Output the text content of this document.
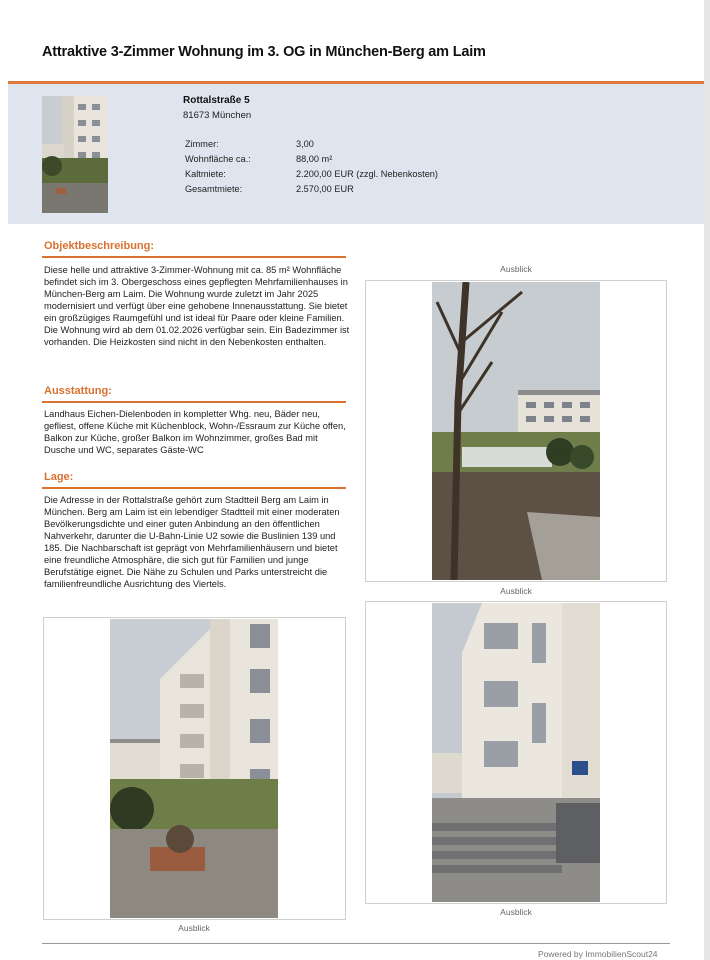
Attraktive 3-Zimmer Wohnung im 3. OG in München-Berg am Laim
Rottalstraße 5
81673 München
Zimmer:	3,00
Wohnfläche ca.:	88,00 m²
Kaltmiete:	2.200,00 EUR (zzgl. Nebenkosten)
Gesamtmiete:	2.570,00 EUR
Objektbeschreibung:
Diese helle und attraktive 3-Zimmer-Wohnung mit ca. 85 m² Wohnfläche befindet sich im 3. Obergeschoss eines gepflegten Mehrfamilienhauses in München-Berg am Laim. Die Wohnung wurde zuletzt im Jahr 2025 modernisiert und verfügt über eine gehobene Innenausstattung. Sie bietet ein großzügiges Raumgefühl und ist ideal für Paare oder kleine Familien. Die Wohnung wird ab dem 01.02.2026 verfügbar sein. Ein Badezimmer ist vorhanden. Die Heizkosten sind nicht in den Nebenkosten enthalten.
Ausstattung:
Landhaus Eichen-Dielenboden in kompletter Whg. neu, Bäder neu, gefliest, offene Küche mit Küchenblock, Wohn-/Essraum zur Küche offen, Balkon zur Küche, großer Balkon im Wohnzimmer, großes Bad mit Dusche und WC, separates Gäste-WC
Lage:
Die Adresse in der Rottalstraße gehört zum Stadtteil Berg am Laim in München. Berg am Laim ist ein lebendiger Stadtteil mit einer moderaten Bevölkerungsdichte und einer guten Anbindung an den öffentlichen Nahverkehr, darunter die U-Bahn-Linie U2 sowie die Buslinien 139 und 185. Die Nachbarschaft ist geprägt von Mehrfamilienhäusern und bietet eine freundliche Atmosphäre, die sich gut für Familien und junge Berufstätige eignet. Die Nähe zu Schulen und Parks unterstreicht die familienfreundliche Ausrichtung des Viertels.
Ausblick
Ausblick
Ausblick
Ausblick
Powered by ImmobilienScout24
